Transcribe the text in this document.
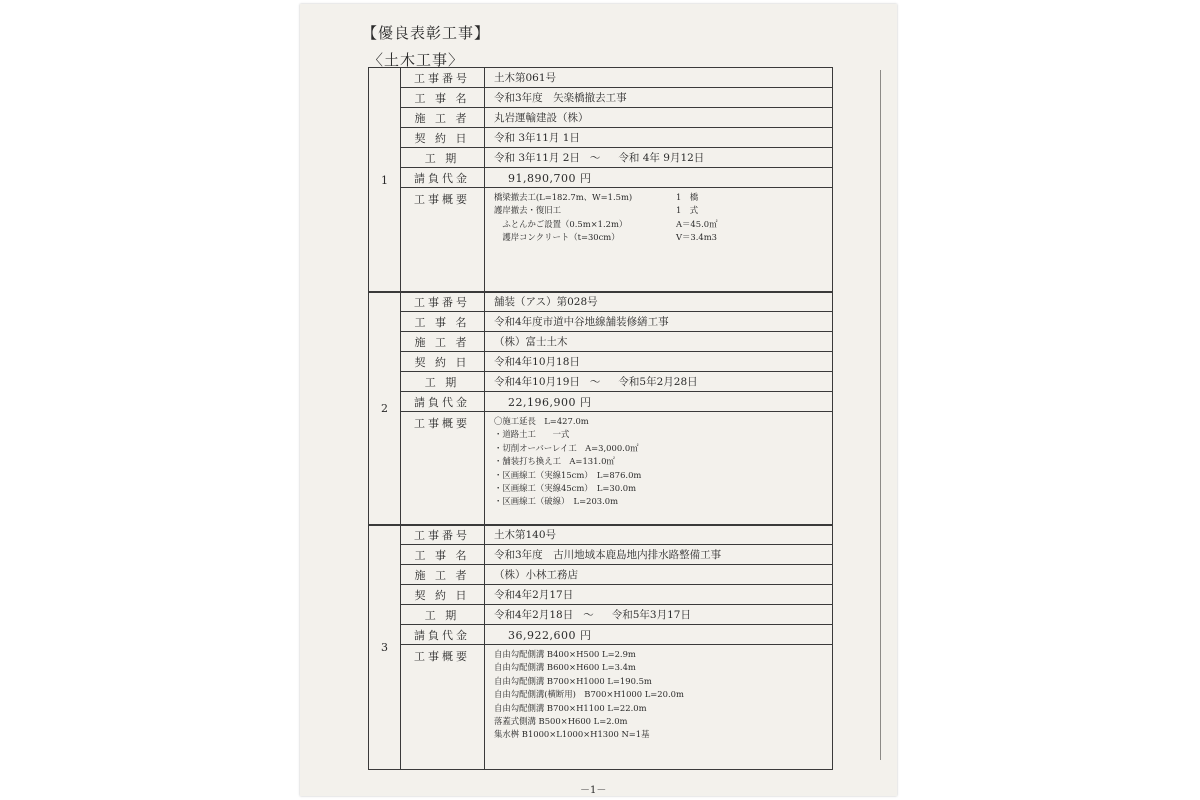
【優良表彰工事】
〈土木工事〉
1
工事番号	土木第061号
工 事 名	令和3年度　矢楽橋撤去工事
施 工 者	丸岩運輸建設（株）
契 約 日	令和 3年11月 1日
工 期	令和 3年11月 2日 ～ 令和 4年 9月12日
請負代金	91,890,700 円
工事概要	橋梁撤去工(L=182.7m、W=1.5m)	1　橋
護岸撤去・復旧工	1　式
　ふとんかご設置（0.5m×1.2m）	A＝45.0㎡
　護岸コンクリート（t=30cm）	V＝3.4m3
2
工事番号	舗装（アス）第028号
工 事 名	令和4年度市道中谷地線舗装修繕工事
施 工 者	（株）富士土木
契 約 日	令和4年10月18日
工 期	令和4年10月19日 ～ 令和5年2月28日
請負代金	22,196,900 円
工事概要	〇施工延長　L=427.0m
・道路土工　　一式
・切削オーバーレイ工　A=3,000.0㎡
・舗装打ち換え工　A=131.0㎡
・区画線工（実線15cm）　L=876.0m
・区画線工（実線45cm）　L=30.0m
・区画線工（破線）　L=203.0m
3
工事番号	土木第140号
工 事 名	令和3年度　古川地域本鹿島地内排水路整備工事
施 工 者	（株）小林工務店
契 約 日	令和4年2月17日
工 期	令和4年2月18日 ～ 令和5年3月17日
請負代金	36,922,600 円
工事概要	自由勾配側溝 B400×H500 L=2.9m
自由勾配側溝 B600×H600 L=3.4m
自由勾配側溝 B700×H1000 L=190.5m
自由勾配側溝(横断用)　B700×H1000 L=20.0m
自由勾配側溝 B700×H1100 L=22.0m
落蓋式側溝 B500×H600 L=2.0m
集水桝 B1000×L1000×H1300 N=1基
－1－
